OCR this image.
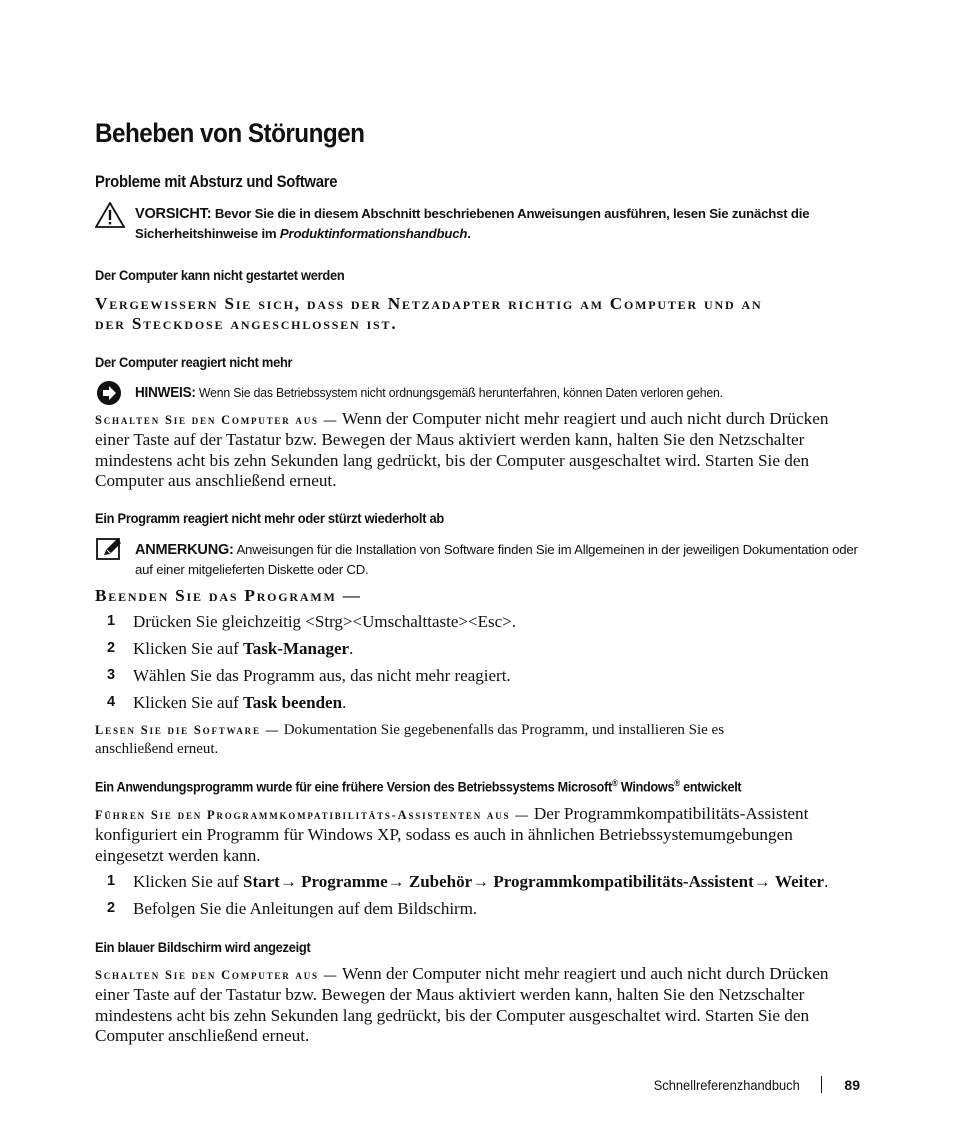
Beheben von Störungen
Probleme mit Absturz und Software
VORSICHT: Bevor Sie die in diesem Abschnitt beschriebenen Anweisungen ausführen, lesen Sie zunächst die Sicherheitshinweise im Produktinformationshandbuch.
Der Computer kann nicht gestartet werden
Vergewissern Sie sich, dass der Netzadapter richtig am Computer und an der Steckdose angeschlossen ist.
Der Computer reagiert nicht mehr
HINWEIS: Wenn Sie das Betriebssystem nicht ordnungsgemäß herunterfahren, können Daten verloren gehen.
Schalten Sie den Computer aus — Wenn der Computer nicht mehr reagiert und auch nicht durch Drücken einer Taste auf der Tastatur bzw. Bewegen der Maus aktiviert werden kann, halten Sie den Netzschalter mindestens acht bis zehn Sekunden lang gedrückt, bis der Computer ausgeschaltet wird. Starten Sie den Computer aus anschließend erneut.
Ein Programm reagiert nicht mehr oder stürzt wiederholt ab
ANMERKUNG: Anweisungen für die Installation von Software finden Sie im Allgemeinen in der jeweiligen Dokumentation oder auf einer mitgelieferten Diskette oder CD.
Beenden Sie das Programm —
1 Drücken Sie gleichzeitig <Strg><Umschalttaste><Esc>.
2 Klicken Sie auf Task-Manager.
3 Wählen Sie das Programm aus, das nicht mehr reagiert.
4 Klicken Sie auf Task beenden.
Lesen Sie die Software — Dokumentation Sie gegebenenfalls das Programm, und installieren Sie es anschließend erneut.
Ein Anwendungsprogramm wurde für eine frühere Version des Betriebssystems Microsoft® Windows® entwickelt
Führen Sie den Programmkompatibilitäts-Assistenten aus — Der Programmkompatibilitäts-Assistent konfiguriert ein Programm für Windows XP, sodass es auch in ähnlichen Betriebssystemumgebungen eingesetzt werden kann.
1 Klicken Sie auf Start→ Programme→ Zubehör→ Programmkompatibilitäts-Assistent→ Weiter.
2 Befolgen Sie die Anleitungen auf dem Bildschirm.
Ein blauer Bildschirm wird angezeigt
Schalten Sie den Computer aus — Wenn der Computer nicht mehr reagiert und auch nicht durch Drücken einer Taste auf der Tastatur bzw. Bewegen der Maus aktiviert werden kann, halten Sie den Netzschalter mindestens acht bis zehn Sekunden lang gedrückt, bis der Computer ausgeschaltet wird. Starten Sie den Computer anschließend erneut.
Schnellreferenzhandbuch	89
